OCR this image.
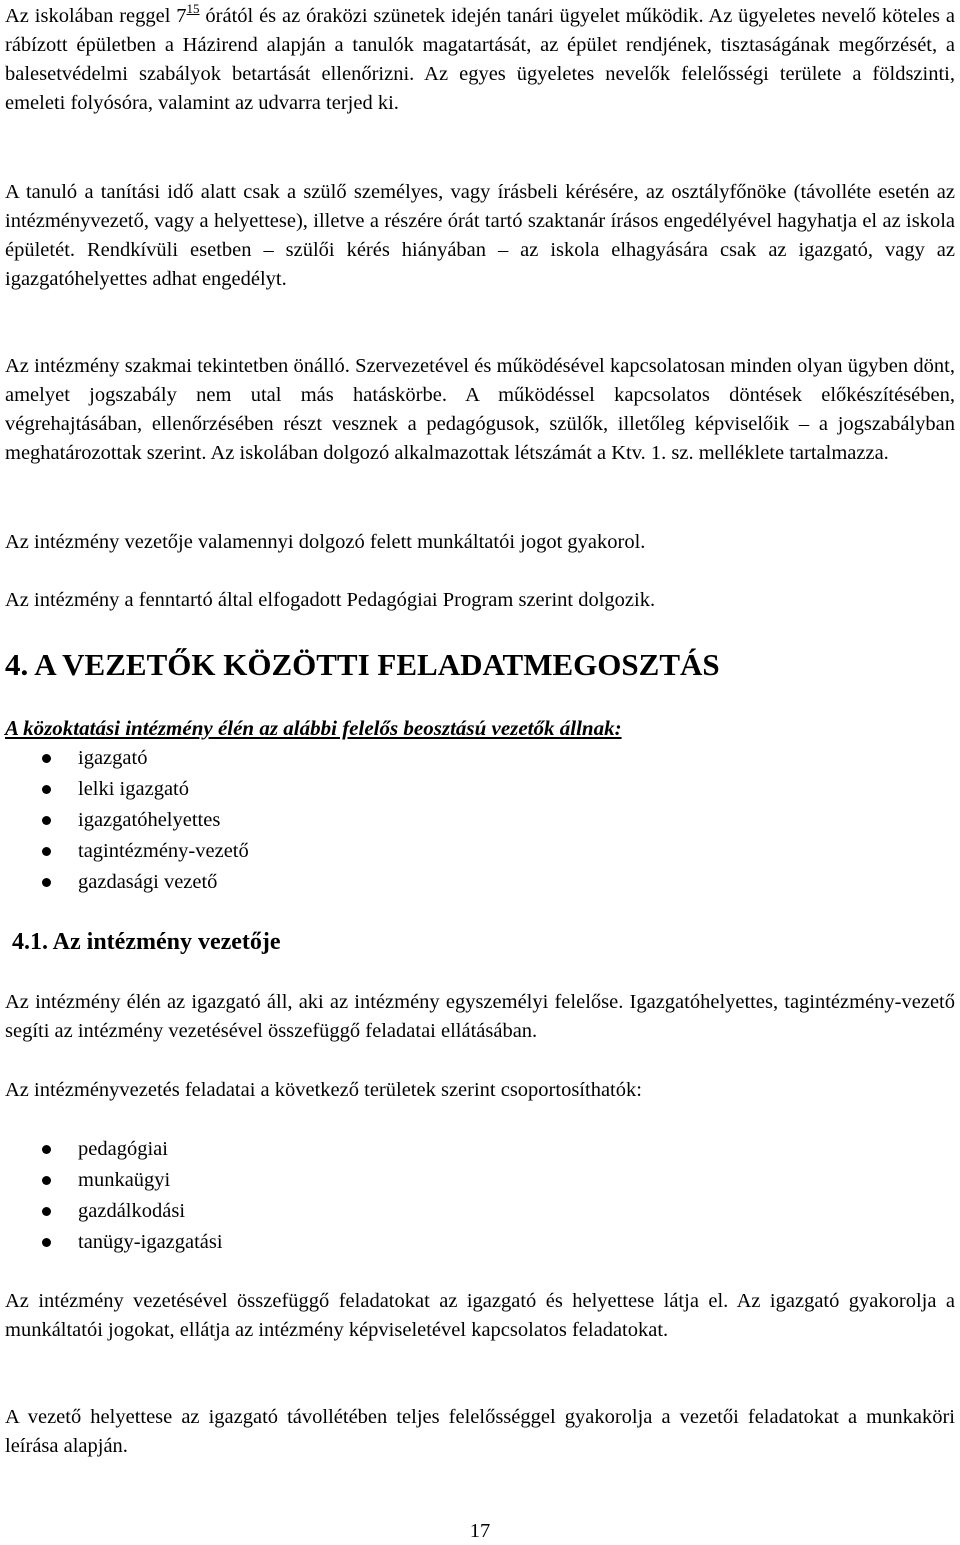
Az iskolában reggel $7^{15}$ órától és az óraközi szünetek idején tanári ügyelet működik. Az ügyeletes nevelő köteles a rábízott épületben a Házirend alapján a tanulók magatartását, az épület rendjének, tisztaságának megőrzését, a balesetvédelmi szabályok betartását ellenőrizni. Az egyes ügyeletes nevelők felelősségi területe a földszinti, emeleti folyósóra, valamint az udvarra terjed ki.

A tanuló a tanítási idő alatt csak a szülő személyes, vagy írásbeli kérésére, az osztályfőnöke (távolléte esetén az intézményvezető, vagy a helyettese), illetve a részére órát tartó szaktanár írásos engedélyével hagyhatja el az iskola épületét. Rendkívüli esetben – szülői kérés hiányában – az iskola elhagyására csak az igazgató, vagy az igazgatóhelyettes adhat engedélyt.

Az intézmény szakmai tekintetben önálló. Szervezetével és működésével kapcsolatosan minden olyan ügyben dönt, amelyet jogszabály nem utal más hatáskörbe. A működéssel kapcsolatos döntések előkészítésében, végrehajtásában, ellenőrzésében részt vesznek a pedagógusok, szülők, illetőleg képviselőik – a jogszabályban meghatározottak szerint. Az iskolában dolgozó alkalmazottak létszámát a Ktv. 1. sz. melléklete tartalmazza.

Az intézmény vezetője valamennyi dolgozó felett munkáltatói jogot gyakorol.

Az intézmény a fenntartó által elfogadott Pedagógiai Program szerint dolgozik.

4. A VEZETŐK KÖZÖTTI FELADATMEGOSZTÁS

A közoktatási intézmény élén az alábbi felelős beosztású vezetők állnak:

igazgató
lelki igazgató
igazgatóhelyettes
tagintézmény-vezető
gazdasági vezető
4.1. Az intézmény vezetője

Az intézmény élén az igazgató áll, aki az intézmény egyszemélyi felelőse. Igazgatóhelyettes, tagintézmény-vezető segíti az intézmény vezetésével összefüggő feladatai ellátásában.

Az intézményvezetés feladatai a következő területek szerint csoportosíthatók:

pedagógiai
munkaügyi
gazdálkodási
tanügy-igazgatási

Az intézmény vezetésével összefüggő feladatokat az igazgató és helyettese látja el. Az igazgató gyakorolja a munkáltatói jogokat, ellátja az intézmény képviseletével kapcsolatos feladatokat.

A vezető helyettese az igazgató távollétében teljes felelősséggel gyakorolja a vezetői feladatokat a munkaköri leírása alapján.

17
